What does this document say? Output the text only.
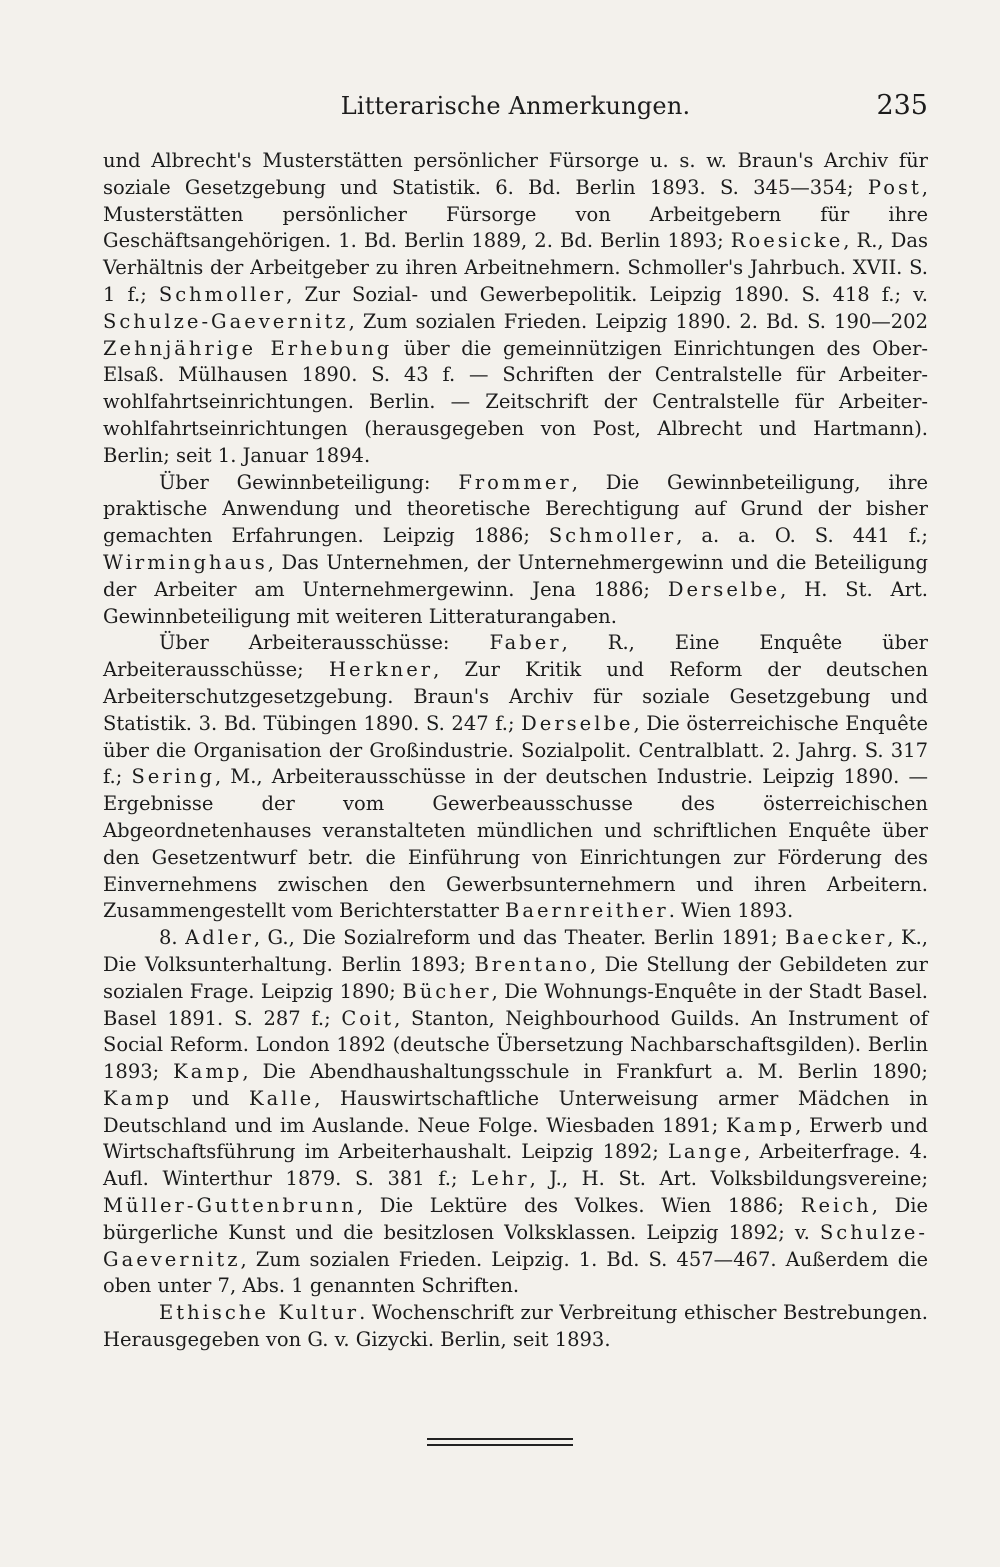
Litterarische Anmerkungen.	235

und Albrecht's Musterstätten persönlicher Fürsorge u. s. w. Braun's Archiv für soziale Gesetzgebung und Statistik. 6. Bd. Berlin 1893. S. 345—354; Post, Musterstätten persönlicher Fürsorge von Arbeitgebern für ihre Geschäftsangehörigen. 1. Bd. Berlin 1889, 2. Bd. Berlin 1893; Roesicke, R., Das Verhältnis der Arbeitgeber zu ihren Arbeitnehmern. Schmoller's Jahrbuch. XVII. S. 1 f.; Schmoller, Zur Sozial- und Gewerbepolitik. Leipzig 1890. S. 418 f.; v. Schulze-Gaevernitz, Zum sozialen Frieden. Leipzig 1890. 2. Bd. S. 190—202 Zehnjährige Erhebung über die gemeinnützigen Einrichtungen des Ober-Elsaß. Mülhausen 1890. S. 43 f. — Schriften der Centralstelle für Arbeiter-wohlfahrtseinrichtungen. Berlin. — Zeitschrift der Centralstelle für Arbeiter-wohlfahrtseinrichtungen (herausgegeben von Post, Albrecht und Hartmann). Berlin; seit 1. Januar 1894.

Über Gewinnbeteiligung: Frommer, Die Gewinnbeteiligung, ihre praktische Anwendung und theoretische Berechtigung auf Grund der bisher gemachten Erfahrungen. Leipzig 1886; Schmoller, a. a. O. S. 441 f.; Wirminghaus, Das Unternehmen, der Unternehmergewinn und die Beteiligung der Arbeiter am Unternehmergewinn. Jena 1886; Derselbe, H. St. Art. Gewinnbeteiligung mit weiteren Litteraturangaben.

Über Arbeiterausschüsse: Faber, R., Eine Enquête über Arbeiterausschüsse; Herkner, Zur Kritik und Reform der deutschen Arbeiterschutzgesetzgebung. Braun's Archiv für soziale Gesetzgebung und Statistik. 3. Bd. Tübingen 1890. S. 247 f.; Derselbe, Die österreichische Enquête über die Organisation der Großindustrie. Sozialpolit. Centralblatt. 2. Jahrg. S. 317 f.; Sering, M., Arbeiterausschüsse in der deutschen Industrie. Leipzig 1890. — Ergebnisse der vom Gewerbeausschusse des österreichischen Abgeordnetenhauses veranstalteten mündlichen und schriftlichen Enquête über den Gesetzentwurf betr. die Einführung von Einrichtungen zur Förderung des Einvernehmens zwischen den Gewerbsunternehmern und ihren Arbeitern. Zusammengestellt vom Berichterstatter Baernreither. Wien 1893.

8. Adler, G., Die Sozialreform und das Theater. Berlin 1891; Baecker, K., Die Volksunterhaltung. Berlin 1893; Brentano, Die Stellung der Gebildeten zur sozialen Frage. Leipzig 1890; Bücher, Die Wohnungs-Enquête in der Stadt Basel. Basel 1891. S. 287 f.; Coit, Stanton, Neighbourhood Guilds. An Instrument of Social Reform. London 1892 (deutsche Übersetzung Nachbarschaftsgilden). Berlin 1893; Kamp, Die Abendhaushaltungsschule in Frankfurt a. M. Berlin 1890; Kamp und Kalle, Hauswirtschaftliche Unterweisung armer Mädchen in Deutschland und im Auslande. Neue Folge. Wiesbaden 1891; Kamp, Erwerb und Wirtschaftsführung im Arbeiterhaushalt. Leipzig 1892; Lange, Arbeiterfrage. 4. Aufl. Winterthur 1879. S. 381 f.; Lehr, J., H. St. Art. Volksbildungsvereine; Müller-Guttenbrunn, Die Lektüre des Volkes. Wien 1886; Reich, Die bürgerliche Kunst und die besitzlosen Volksklassen. Leipzig 1892; v. Schulze-Gaevernitz, Zum sozialen Frieden. Leipzig. 1. Bd. S. 457—467. Außerdem die oben unter 7, Abs. 1 genannten Schriften.

Ethische Kultur. Wochenschrift zur Verbreitung ethischer Bestrebungen. Herausgegeben von G. v. Gizycki. Berlin, seit 1893.
